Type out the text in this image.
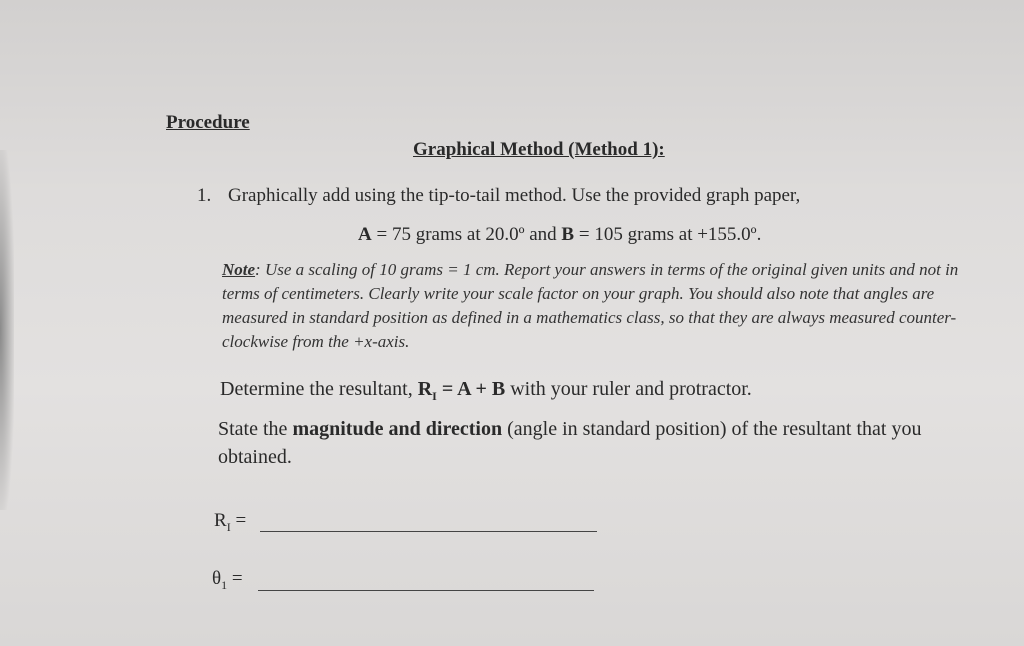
Procedure
Graphical Method (Method 1):
1. Graphically add using the tip-to-tail method. Use the provided graph paper,
A = 75 grams at 20.0º and B = 105 grams at +155.0º.
Note: Use a scaling of 10 grams = 1 cm. Report your answers in terms of the original given units and not in terms of centimeters. Clearly write your scale factor on your graph. You should also note that angles are measured in standard position as defined in a mathematics class, so that they are always measured counter-clockwise from the +x-axis.
Determine the resultant, $R_I = A + B$ with your ruler and protractor.
State the magnitude and direction (angle in standard position) of the resultant that you obtained.
$R_I$ =
$\theta_1$ =
